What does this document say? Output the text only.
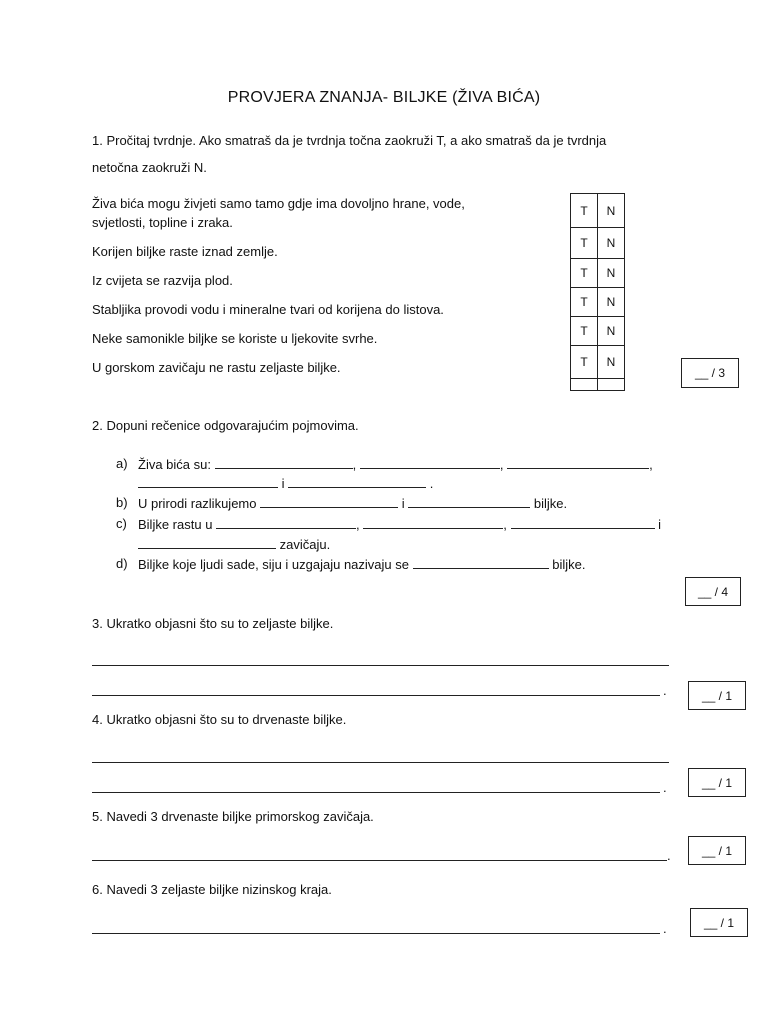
PROVJERA ZNANJA- BILJKE (ŽIVA BIĆA)
1. Pročitaj tvrdnje. Ako smatraš da je tvrdnja točna zaokruži T, a ako smatraš da je tvrdnja
netočna zaokruži N.
Živa bića mogu živjeti samo tamo gdje ima dovoljno hrane, vode,
svjetlosti, topline i zraka.
Korijen biljke raste iznad zemlje.
Iz cvijeta se razvija plod.
Stabljika provodi vodu i mineralne tvari od korijena do listova.
Neke samonikle biljke se koriste u ljekovite svrhe.
U gorskom zavičaju ne rastu zeljaste biljke.
T	N
T	N
T	N
T	N
T	N
T	N

__ / 3
2. Dopuni rečenice odgovarajućim pojmovima.
a) Živa bića su:	,	,	,
i	.
b) U prirodi razlikujemo	i	biljke.
c) Biljke rastu u	,	,	i
zavičaju.
d) Biljke koje ljudi sade, siju i uzgajaju nazivaju se	biljke.
__ / 4
3. Ukratko objasni što su to zeljaste biljke.
.	__ / 1
4. Ukratko objasni što su to drvenaste biljke.
.	__ / 1
5. Navedi 3 drvenaste biljke primorskog zavičaja.
.	__ / 1
6. Navedi 3 zeljaste biljke nizinskog kraja.
.	__ / 1
